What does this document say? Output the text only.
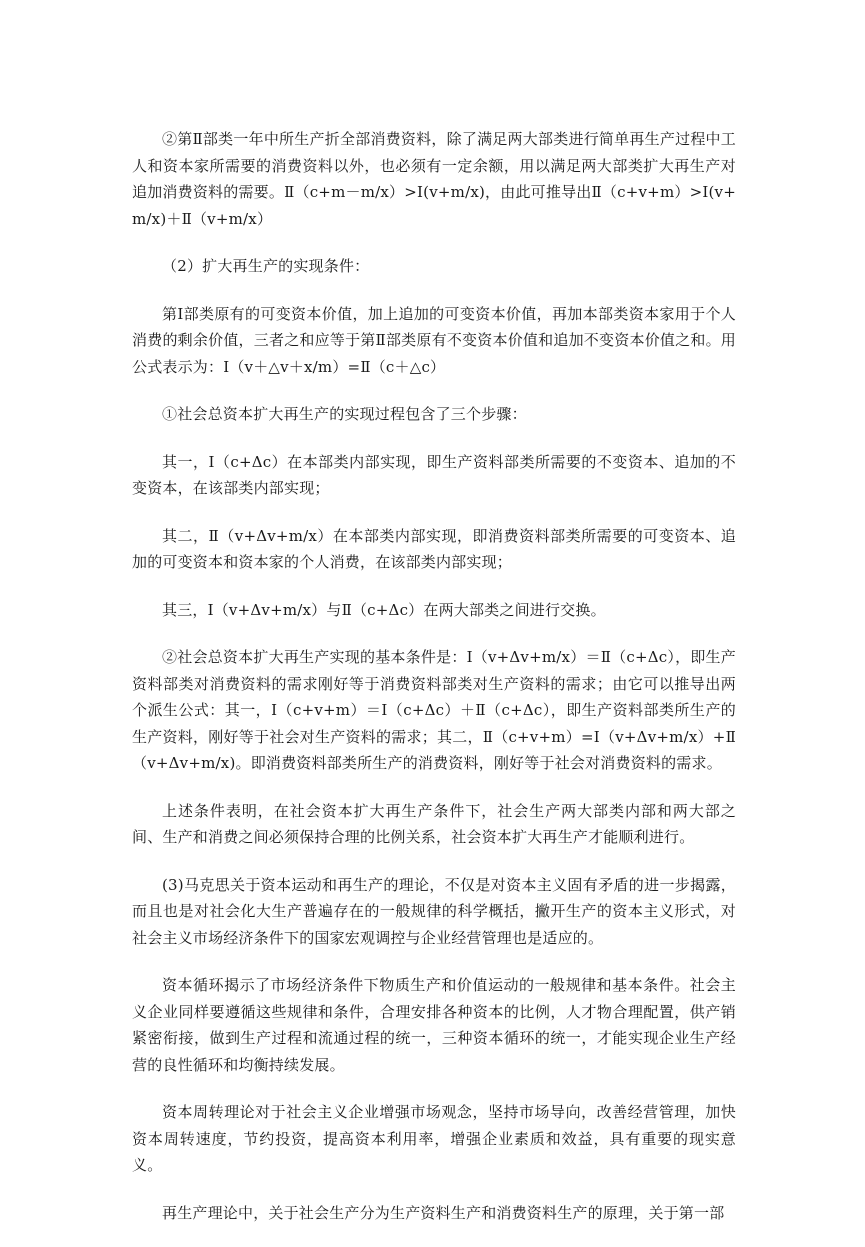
②第Ⅱ部类一年中所生产折全部消费资料，除了满足两大部类进行简单再生产过程中工人和资本家所需要的消费资料以外，也必须有一定余额，用以满足两大部类扩大再生产对追加消费资料的需要。Ⅱ（c+m－m/x）>Ⅰ(v+m/x)，由此可推导出Ⅱ（c+v+m）>Ⅰ(v+m/x)＋Ⅱ（v+m/x）

（2）扩大再生产的实现条件：

第Ⅰ部类原有的可变资本价值，加上追加的可变资本价值，再加本部类资本家用于个人消费的剩余价值，三者之和应等于第Ⅱ部类原有不变资本价值和追加不变资本价值之和。用公式表示为：Ⅰ（v＋△v＋x/m）=Ⅱ（c＋△c）

①社会总资本扩大再生产的实现过程包含了三个步骤：

其一，Ⅰ（c+Δc）在本部类内部实现，即生产资料部类所需要的不变资本、追加的不变资本，在该部类内部实现；

其二，Ⅱ（v+Δv+m/x）在本部类内部实现，即消费资料部类所需要的可变资本、追加的可变资本和资本家的个人消费，在该部类内部实现；

其三，Ⅰ（v+Δv+m/x）与Ⅱ（c+Δc）在两大部类之间进行交换。

②社会总资本扩大再生产实现的基本条件是：Ⅰ（v+Δv+m/x）＝Ⅱ（c+Δc），即生产资料部类对消费资料的需求刚好等于消费资料部类对生产资料的需求；由它可以推导出两个派生公式：其一，Ⅰ（c+v+m）＝Ⅰ（c+Δc）＋Ⅱ（c+Δc），即生产资料部类所生产的生产资料，刚好等于社会对生产资料的需求；其二，Ⅱ（c+v+m）=Ⅰ（v+Δv+m/x）+Ⅱ（v+Δv+m/x)。即消费资料部类所生产的消费资料，刚好等于社会对消费资料的需求。

上述条件表明，在社会资本扩大再生产条件下，社会生产两大部类内部和两大部之间、生产和消费之间必须保持合理的比例关系，社会资本扩大再生产才能顺利进行。

(3)马克思关于资本运动和再生产的理论，不仅是对资本主义固有矛盾的进一步揭露，而且也是对社会化大生产普遍存在的一般规律的科学概括，撇开生产的资本主义形式，对社会主义市场经济条件下的国家宏观调控与企业经营管理也是适应的。

资本循环揭示了市场经济条件下物质生产和价值运动的一般规律和基本条件。社会主义企业同样要遵循这些规律和条件，合理安排各种资本的比例，人才物合理配置，供产销紧密衔接，做到生产过程和流通过程的统一，三种资本循环的统一，才能实现企业生产经营的良性循环和均衡持续发展。

资本周转理论对于社会主义企业增强市场观念，坚持市场导向，改善经营管理，加快资本周转速度，节约投资，提高资本利用率，增强企业素质和效益，具有重要的现实意义。

再生产理论中，关于社会生产分为生产资料生产和消费资料生产的原理，关于第一部
